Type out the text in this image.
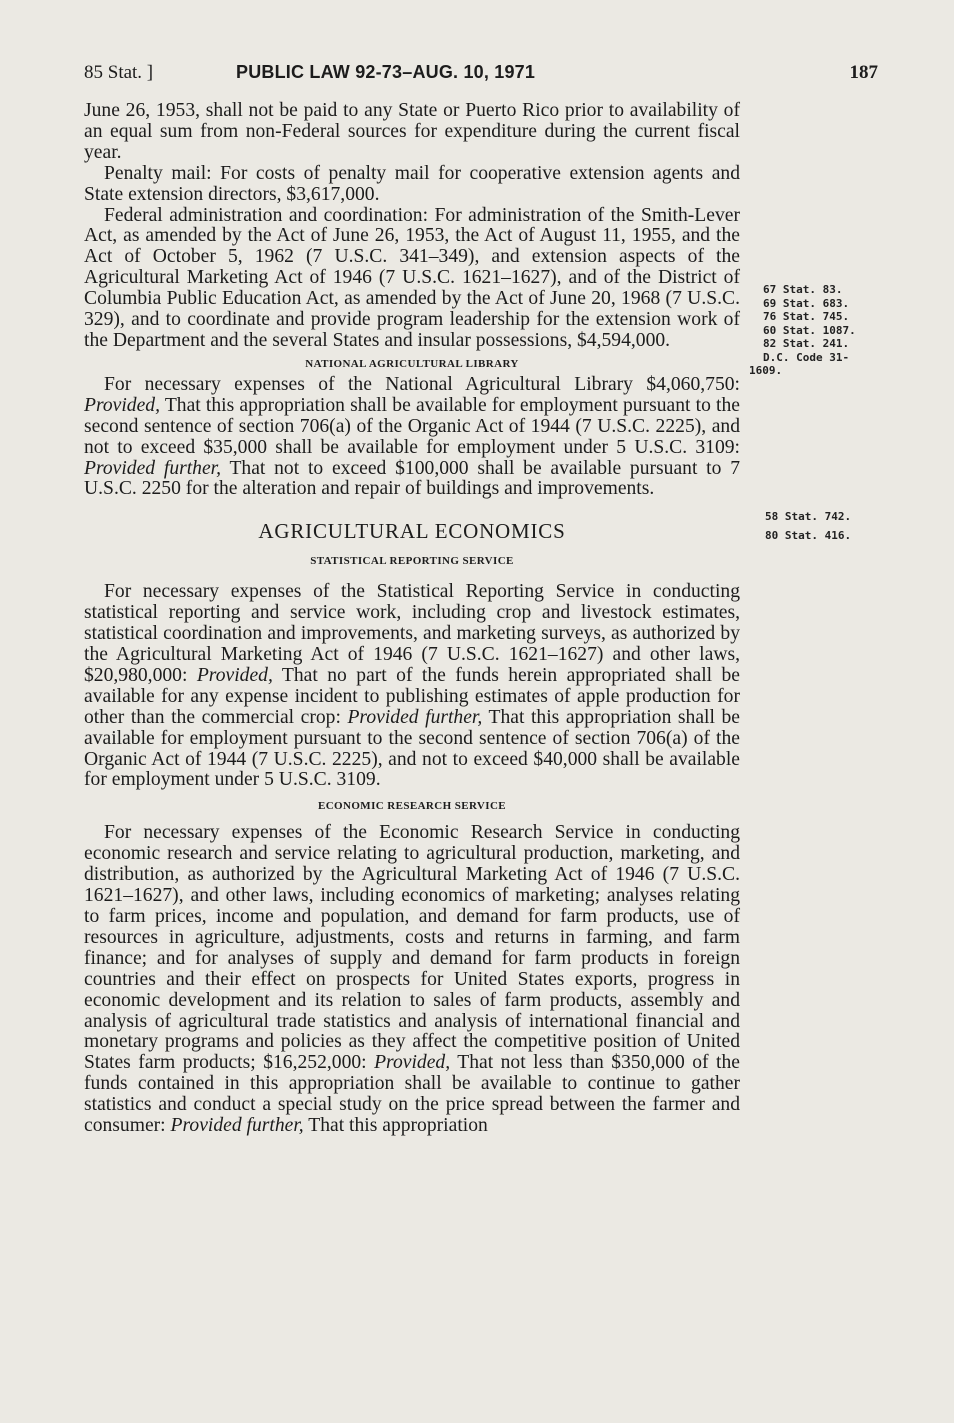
85 Stat. ]	PUBLIC LAW 92-73–AUG. 10, 1971	187

June 26, 1953, shall not be paid to any State or Puerto Rico prior to availability of an equal sum from non-Federal sources for expenditure during the current fiscal year.

Penalty mail: For costs of penalty mail for cooperative extension agents and State extension directors, $3,617,000.

Federal administration and coordination: For administration of the Smith-Lever Act, as amended by the Act of June 26, 1953, the Act of August 11, 1955, and the Act of October 5, 1962 (7 U.S.C. 341–349), and extension aspects of the Agricultural Marketing Act of 1946 (7 U.S.C. 1621–1627), and of the District of Columbia Public Education Act, as amended by the Act of June 20, 1968 (7 U.S.C. 329), and to coordinate and provide program leadership for the extension work of the Department and the several States and insular possessions, $4,594,000.

NATIONAL AGRICULTURAL LIBRARY

For necessary expenses of the National Agricultural Library $4,060,750: Provided, That this appropriation shall be available for employment pursuant to the second sentence of section 706(a) of the Organic Act of 1944 (7 U.S.C. 2225), and not to exceed $35,000 shall be available for employment under 5 U.S.C. 3109: Provided further, That not to exceed $100,000 shall be available pursuant to 7 U.S.C. 2250 for the alteration and repair of buildings and improvements.

AGRICULTURAL ECONOMICS
STATISTICAL REPORTING SERVICE

For necessary expenses of the Statistical Reporting Service in conducting statistical reporting and service work, including crop and livestock estimates, statistical coordination and improvements, and marketing surveys, as authorized by the Agricultural Marketing Act of 1946 (7 U.S.C. 1621–1627) and other laws, $20,980,000: Provided, That no part of the funds herein appropriated shall be available for any expense incident to publishing estimates of apple production for other than the commercial crop: Provided further, That this appropriation shall be available for employment pursuant to the second sentence of section 706(a) of the Organic Act of 1944 (7 U.S.C. 2225), and not to exceed $40,000 shall be available for employment under 5 U.S.C. 3109.

ECONOMIC RESEARCH SERVICE

For necessary expenses of the Economic Research Service in conducting economic research and service relating to agricultural production, marketing, and distribution, as authorized by the Agricultural Marketing Act of 1946 (7 U.S.C. 1621–1627), and other laws, including economics of marketing; analyses relating to farm prices, income and population, and demand for farm products, use of resources in agriculture, adjustments, costs and returns in farming, and farm finance; and for analyses of supply and demand for farm products in foreign countries and their effect on prospects for United States exports, progress in economic development and its relation to sales of farm products, assembly and analysis of agricultural trade statistics and analysis of international financial and monetary programs and policies as they affect the competitive position of United States farm products; $16,252,000: Provided, That not less than $350,000 of the funds contained in this appropriation shall be available to continue to gather statistics and conduct a special study on the price spread between the farmer and consumer: Provided further, That this appropriation

67 Stat. 83.
69 Stat. 683.
76 Stat. 745.
60 Stat. 1087.
82 Stat. 241.
D.C. Code 31-
1609.
58 Stat. 742.
80 Stat. 416.
